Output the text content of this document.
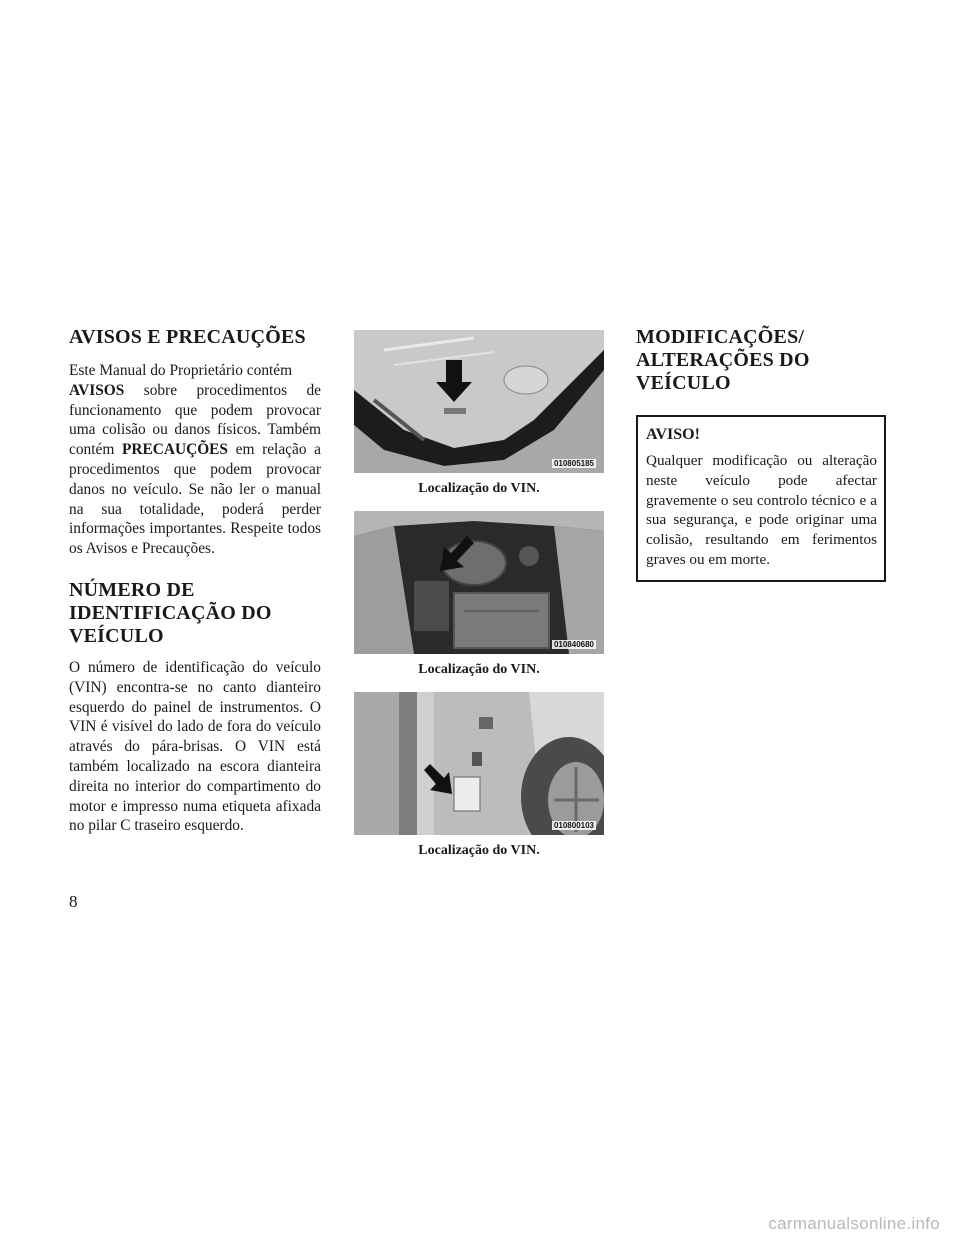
AVISOS E PRECAUÇÕES

Este Manual do Proprietário contém
AVISOS sobre procedimentos de funcionamento que podem provocar uma colisão ou danos físicos. Também contém PRECAUÇÕES em relação a procedimentos que podem provocar danos no veículo. Se não ler o manual na sua totalidade, poderá perder informações importantes. Respeite todos os Avisos e Precauções.

NÚMERO DE IDENTIFICAÇÃO DO VEÍCULO

O número de identificação do veículo (VIN) encontra-se no canto dianteiro esquerdo do painel de instrumentos. O VIN é visível do lado de fora do veículo através do pára-brisas. O VIN está também localizado na escora dianteira direita no interior do compartimento do motor e impresso numa etiqueta afixada no pilar C traseiro esquerdo.

010805185
Localização do VIN.
010840680
Localização do VIN.
010800103
Localização do VIN.
MODIFICAÇÕES/ ALTERAÇÕES DO VEÍCULO
AVISO!

Qualquer modificação ou alteração neste veículo pode afectar gravemente o seu controlo técnico e a sua segurança, e pode originar uma colisão, resultando em ferimentos graves ou em morte.

8
carmanualsonline.info
